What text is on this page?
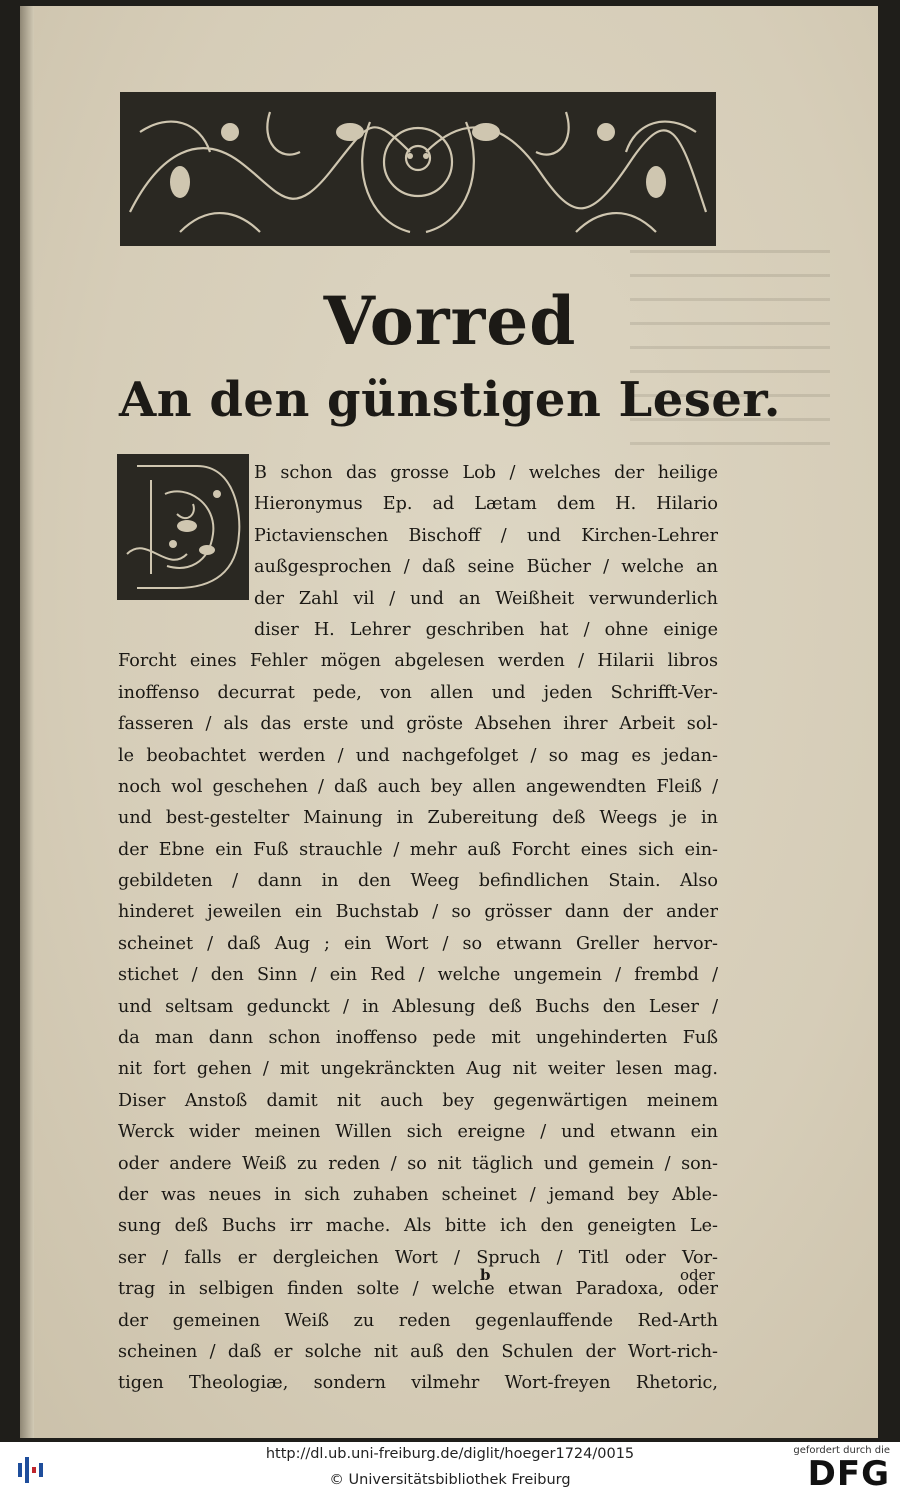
Vorred
An den günstigen Leser.
B schon das grosse Lob / welches der heilige
Hieronymus Ep. ad Lætam dem H. Hilario
Pictavienschen Bischoff / und Kirchen-Lehrer
außgesprochen / daß seine Bücher / welche an
der Zahl vil / und an Weißheit verwunderlich
diser H. Lehrer geschriben hat / ohne einige
Forcht eines Fehler mögen abgelesen werden / Hilarii libros
inoffenso decurrat pede, von allen und jeden Schrifft-Ver-
fasseren / als das erste und gröste Absehen ihrer Arbeit sol-
le beobachtet werden / und nachgefolget / so mag es jedan-
noch wol geschehen / daß auch bey allen angewendten Fleiß /
und best-gestelter Mainung in Zubereitung deß Weegs je in
der Ebne ein Fuß strauchle / mehr auß Forcht eines sich ein-
gebildeten / dann in den Weeg befindlichen Stain. Also
hinderet jeweilen ein Buchstab / so grösser dann der ander
scheinet / daß Aug ; ein Wort / so etwann Greller hervor-
stichet / den Sinn / ein Red / welche ungemein / frembd /
und seltsam gedunckt / in Ablesung deß Buchs den Leser /
da man dann schon inoffenso pede mit ungehinderten Fuß
nit fort gehen / mit ungekränckten Aug nit weiter lesen mag.
Diser Anstoß damit nit auch bey gegenwärtigen meinem
Werck wider meinen Willen sich ereigne / und etwann ein
oder andere Weiß zu reden / so nit täglich und gemein / son-
der was neues in sich zuhaben scheinet / jemand bey Able-
sung deß Buchs irr mache. Als bitte ich den geneigten Le-
ser / falls er dergleichen Wort / Spruch / Titl oder Vor-
trag in selbigen finden solte / welche etwan Paradoxa, oder
der gemeinen Weiß zu reden gegenlauffende Red-Arth
scheinen / daß er solche nit auß den Schulen der Wort-rich-
tigen Theologiæ, sondern vilmehr Wort-freyen Rhetoric,
b	oder
http://dl.ub.uni-freiburg.de/diglit/hoeger1724/0015
© Universitätsbibliothek Freiburg
gefordert durch die
DFG
